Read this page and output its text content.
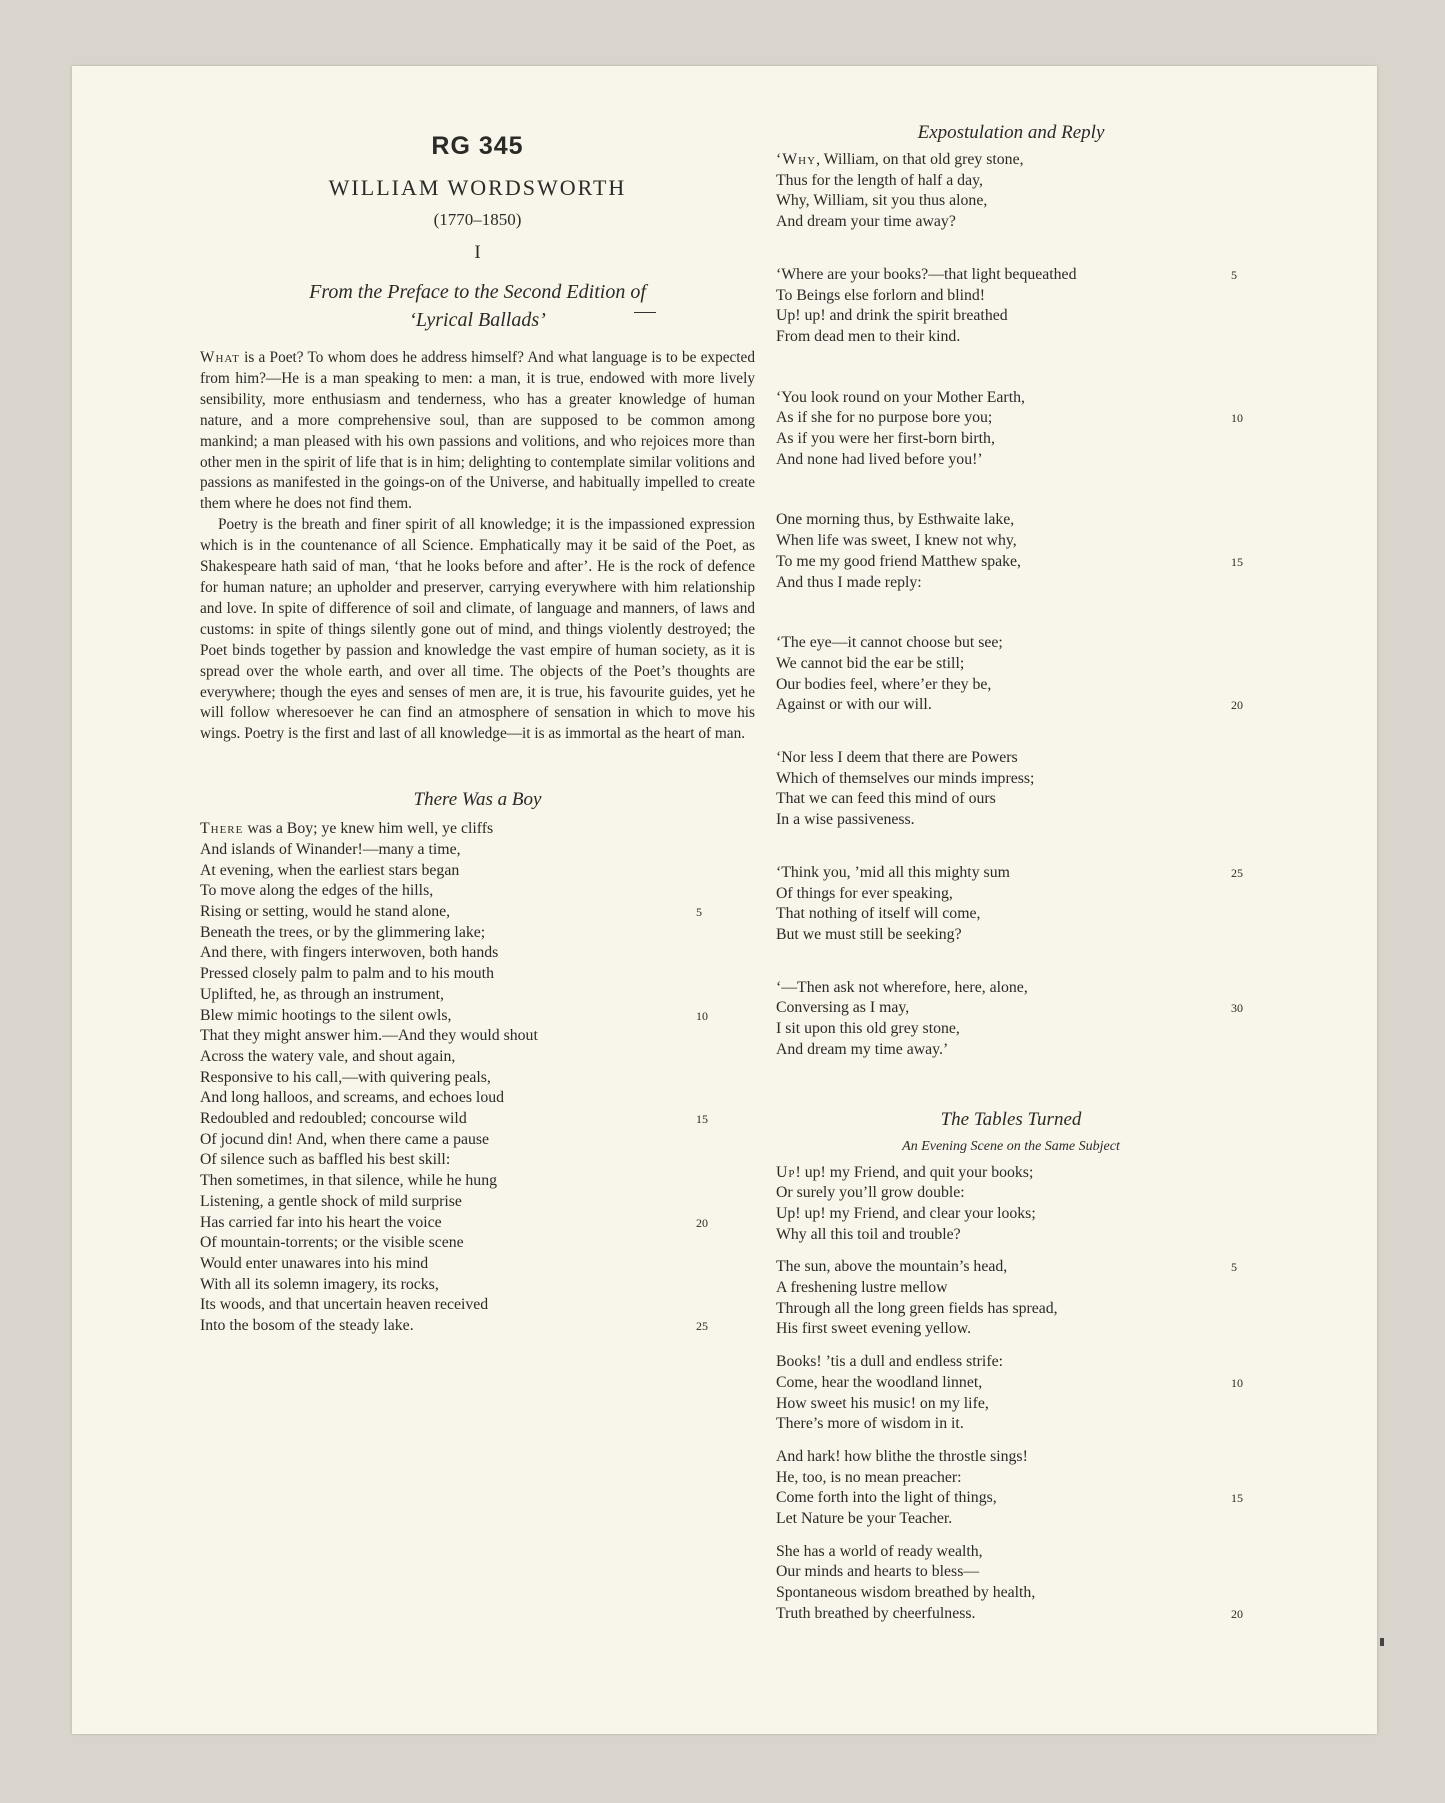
RG 345
WILLIAM WORDSWORTH
(1770–1850)
I
From the Preface to the Second Edition of
‘Lyrical Ballads’

What is a Poet? To whom does he address himself? And what language is to be expected from him?—He is a man speaking to men: a man, it is true, endowed with more lively sensibility, more enthusiasm and tenderness, who has a greater knowledge of human nature, and a more comprehensive soul, than are supposed to be common among mankind; a man pleased with his own passions and volitions, and who rejoices more than other men in the spirit of life that is in him; delighting to contemplate similar volitions and passions as manifested in the goings-on of the Universe, and habitually impelled to create them where he does not find them.

Poetry is the breath and finer spirit of all knowledge; it is the impassioned expression which is in the countenance of all Science. Emphatically may it be said of the Poet, as Shakespeare hath said of man, ‘that he looks before and after’. He is the rock of defence for human nature; an upholder and preserver, carrying everywhere with him relationship and love. In spite of difference of soil and climate, of language and manners, of laws and customs: in spite of things silently gone out of mind, and things violently destroyed; the Poet binds together by passion and knowledge the vast empire of human society, as it is spread over the whole earth, and over all time. The objects of the Poet’s thoughts are everywhere; though the eyes and senses of men are, it is true, his favourite guides, yet he will follow wheresoever he can find an atmosphere of sensation in which to move his wings. Poetry is the first and last of all knowledge—it is as immortal as the heart of man.

There Was a Boy
There was a Boy; ye knew him well, ye cliffs
And islands of Winander!—many a time,
At evening, when the earliest stars began
To move along the edges of the hills,
Rising or setting, would he stand alone,	5
Beneath the trees, or by the glimmering lake;
And there, with fingers interwoven, both hands
Pressed closely palm to palm and to his mouth
Uplifted, he, as through an instrument,
Blew mimic hootings to the silent owls,	10
That they might answer him.—And they would shout
Across the watery vale, and shout again,
Responsive to his call,—with quivering peals,
And long halloos, and screams, and echoes loud
Redoubled and redoubled; concourse wild	15
Of jocund din! And, when there came a pause
Of silence such as baffled his best skill:
Then sometimes, in that silence, while he hung
Listening, a gentle shock of mild surprise
Has carried far into his heart the voice	20
Of mountain-torrents; or the visible scene
Would enter unawares into his mind
With all its solemn imagery, its rocks,
Its woods, and that uncertain heaven received
Into the bosom of the steady lake.	25
Expostulation and Reply
‘Why, William, on that old grey stone,
Thus for the length of half a day,
Why, William, sit you thus alone,
And dream your time away?
‘Where are your books?—that light bequeathed	5
To Beings else forlorn and blind!
Up! up! and drink the spirit breathed
From dead men to their kind.
‘You look round on your Mother Earth,
As if she for no purpose bore you;	10
As if you were her first-born birth,
And none had lived before you!’
One morning thus, by Esthwaite lake,
When life was sweet, I knew not why,
To me my good friend Matthew spake,	15
And thus I made reply:
‘The eye—it cannot choose but see;
We cannot bid the ear be still;
Our bodies feel, where’er they be,
Against or with our will.	20
‘Nor less I deem that there are Powers
Which of themselves our minds impress;
That we can feed this mind of ours
In a wise passiveness.
‘Think you, ’mid all this mighty sum	25
Of things for ever speaking,
That nothing of itself will come,
But we must still be seeking?
‘—Then ask not wherefore, here, alone,
Conversing as I may,	30
I sit upon this old grey stone,
And dream my time away.’
The Tables Turned
An Evening Scene on the Same Subject
Up! up! my Friend, and quit your books;
Or surely you’ll grow double:
Up! up! my Friend, and clear your looks;
Why all this toil and trouble?
The sun, above the mountain’s head,	5
A freshening lustre mellow
Through all the long green fields has spread,
His first sweet evening yellow.
Books! ’tis a dull and endless strife:
Come, hear the woodland linnet,	10
How sweet his music! on my life,
There’s more of wisdom in it.
And hark! how blithe the throstle sings!
He, too, is no mean preacher:
Come forth into the light of things,	15
Let Nature be your Teacher.
She has a world of ready wealth,
Our minds and hearts to bless—
Spontaneous wisdom breathed by health,
Truth breathed by cheerfulness.	20
